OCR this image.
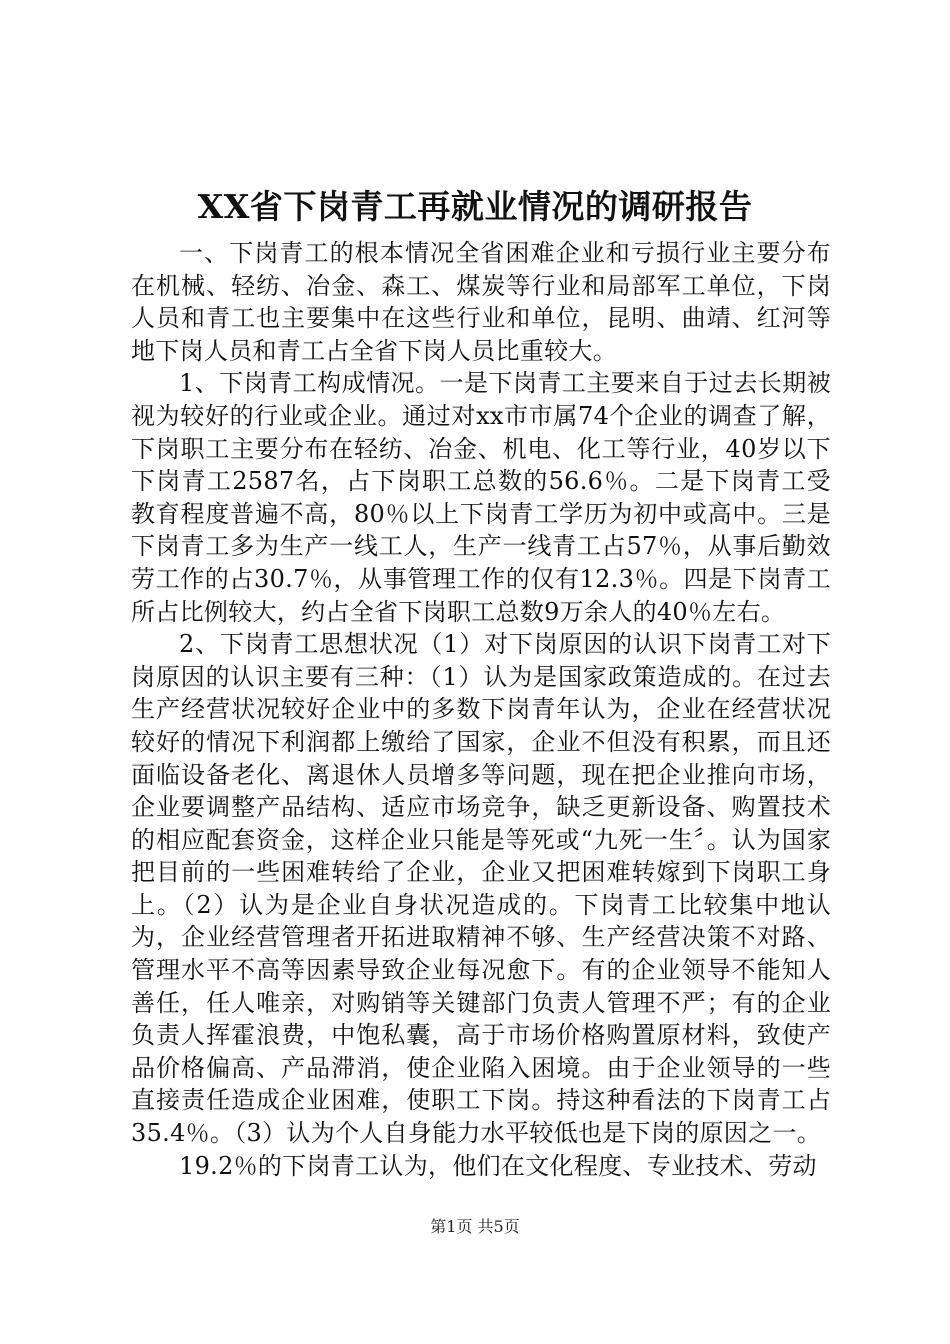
XX省下岗青工再就业情况的调研报告

一、下岗青工的根本情况全省困难企业和亏损行业主要分布在机械、轻纺、冶金、森工、煤炭等行业和局部军工单位，下岗人员和青工也主要集中在这些行业和单位，昆明、曲靖、红河等地下岗人员和青工占全省下岗人员比重较大。

1、下岗青工构成情况。一是下岗青工主要来自于过去长期被视为较好的行业或企业。通过对xx市市属74个企业的调查了解，下岗职工主要分布在轻纺、冶金、机电、化工等行业，40岁以下下岗青工2587名，占下岗职工总数的56.6％。二是下岗青工受教育程度普遍不高，80％以上下岗青工学历为初中或高中。三是下岗青工多为生产一线工人，生产一线青工占57％，从事后勤效劳工作的占30.7％，从事管理工作的仅有12.3％。四是下岗青工所占比例较大，约占全省下岗职工总数9万余人的40％左右。

2、下岗青工思想状况（1）对下岗原因的认识下岗青工对下岗原因的认识主要有三种：（1）认为是国家政策造成的。在过去生产经营状况较好企业中的多数下岗青年认为，企业在经营状况较好的情况下利润都上缴给了国家，企业不但没有积累，而且还面临设备老化、离退休人员增多等问题，现在把企业推向市场，企业要调整产品结构、适应市场竞争，缺乏更新设备、购置技术的相应配套资金，这样企业只能是等死或“九死一生〞。认为国家把目前的一些困难转给了企业，企业又把困难转嫁到下岗职工身上。（2）认为是企业自身状况造成的。下岗青工比较集中地认为，企业经营管理者开拓进取精神不够、生产经营决策不对路、管理水平不高等因素导致企业每况愈下。有的企业领导不能知人善任，任人唯亲，对购销等关键部门负责人管理不严；有的企业负责人挥霍浪费，中饱私囊，高于市场价格购置原材料，致使产品价格偏高、产品滞消，使企业陷入困境。由于企业领导的一些直接责任造成企业困难，使职工下岗。持这种看法的下岗青工占35.4％。（3）认为个人自身能力水平较低也是下岗的原因之一。

19.2％的下岗青工认为，他们在文化程度、专业技术、劳动

第1页 共5页
